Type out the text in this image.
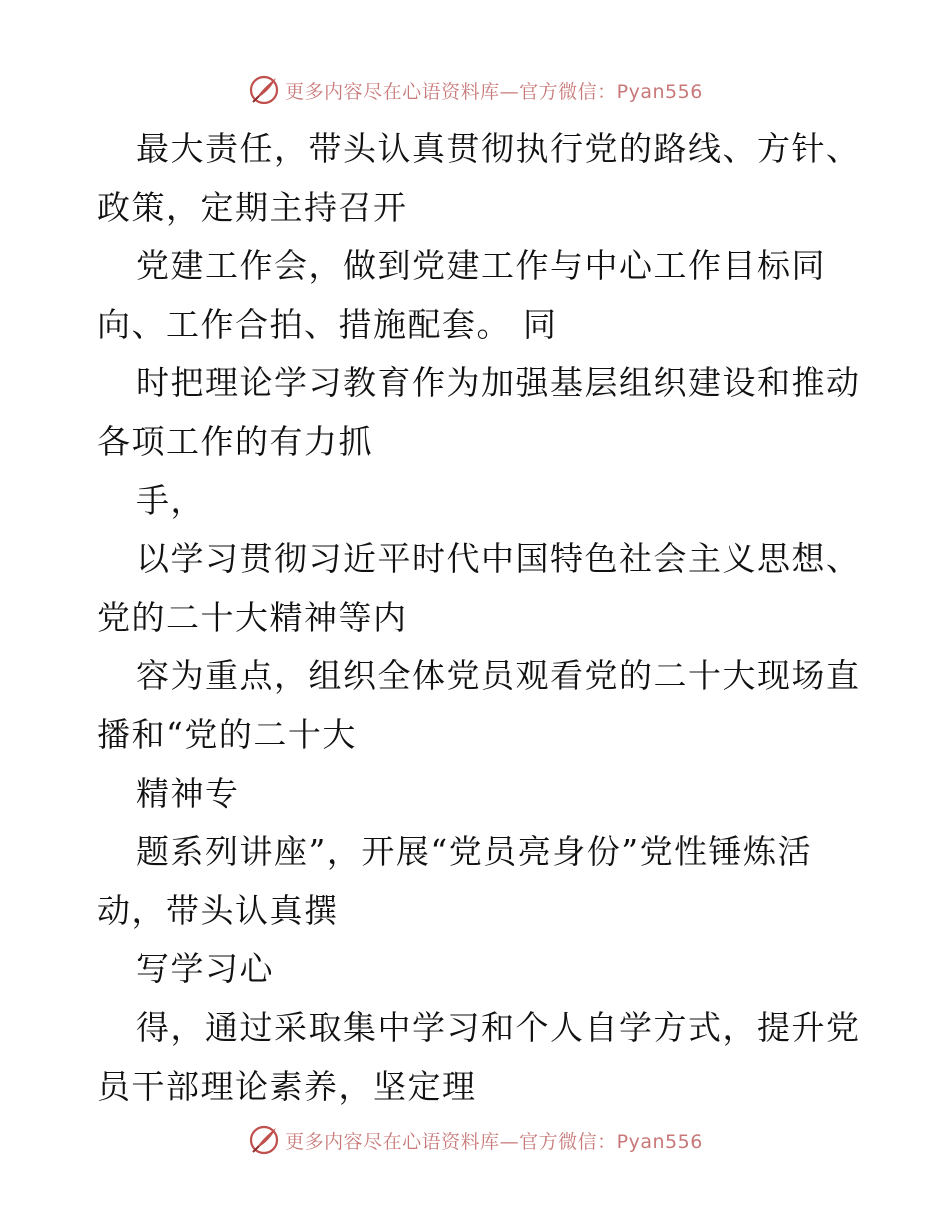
更多内容尽在心语资料库—官方微信：Pyan556
最大责任，带头认真贯彻执行党的路线、方针、
政策，定期主持召开
党建工作会，做到党建工作与中心工作目标同
向、工作合拍、措施配套。 同
时把理论学习教育作为加强基层组织建设和推动
各项工作的有力抓
手，
以学习贯彻习近平时代中国特色社会主义思想、
党的二十大精神等内
容为重点，组织全体党员观看党的二十大现场直
播和“党的二十大
精神专
题系列讲座”，开展“党员亮身份”党性锤炼活
动，带头认真撰
写学习心
得，通过采取集中学习和个人自学方式，提升党
员干部理论素养，坚定理
更多内容尽在心语资料库—官方微信：Pyan556
